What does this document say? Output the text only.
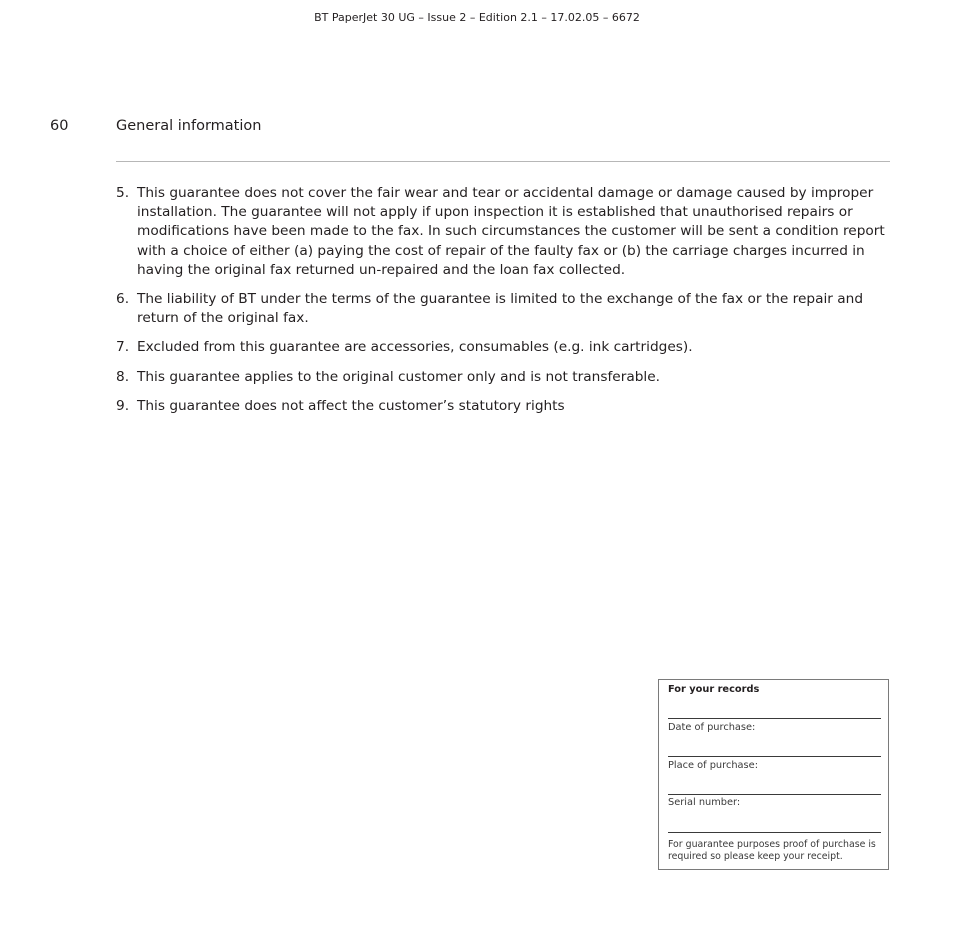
BT PaperJet 30 UG – Issue 2 – Edition 2.1 – 17.02.05 – 6672
60	General information
5. This guarantee does not cover the fair wear and tear or accidental damage or damage caused by improper installation. The guarantee will not apply if upon inspection it is established that unauthorised repairs or modifications have been made to the fax. In such circumstances the customer will be sent a condition report with a choice of either (a) paying the cost of repair of the faulty fax or (b) the carriage charges incurred in having the original fax returned un-repaired and the loan fax collected.
6. The liability of BT under the terms of the guarantee is limited to the exchange of the fax or the repair and return of the original fax.
7. Excluded from this guarantee are accessories, consumables (e.g. ink cartridges).
8. This guarantee applies to the original customer only and is not transferable.
9. This guarantee does not affect the customer’s statutory rights
For your records
Date of purchase:
Place of purchase:
Serial number:
For guarantee purposes proof of purchase is required so please keep your receipt.
